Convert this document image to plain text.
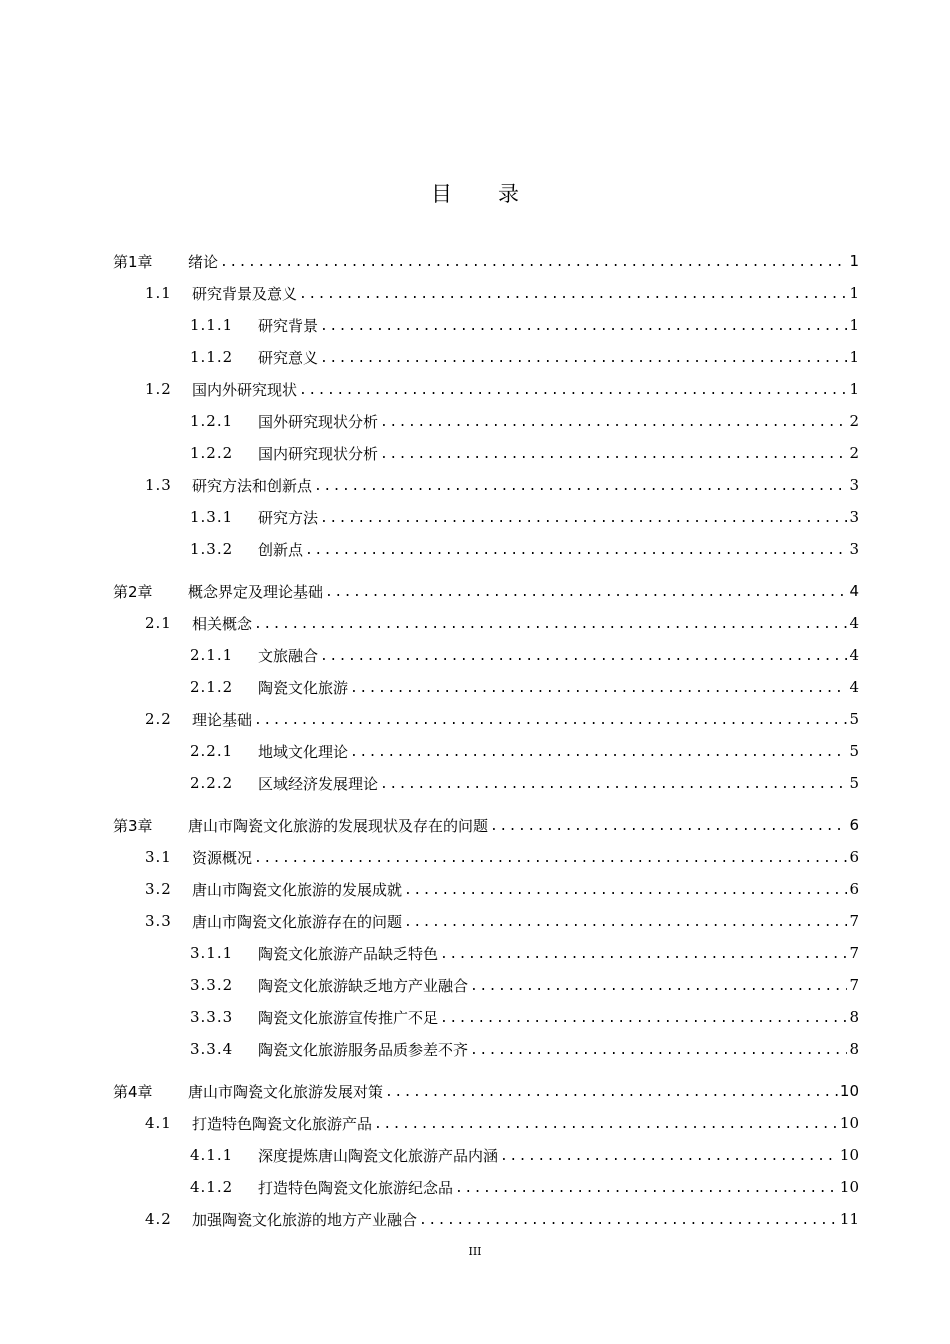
目录
第1章	绪论 .....	1
1.1	研究背景及意义 .....	1
1.1.1	研究背景 .....	1
1.1.2	研究意义 .....	1
1.2	国内外研究现状 .....	1
1.2.1	国外研究现状分析 .....	2
1.2.2	国内研究现状分析 .....	2
1.3	研究方法和创新点 .....	3
1.3.1	研究方法 .....	3
1.3.2	创新点 .....	3
第2章	概念界定及理论基础 .....	4
2.1	相关概念 .....	4
2.1.1	文旅融合 .....	4
2.1.2	陶瓷文化旅游 .....	4
2.2	理论基础 .....	5
2.2.1	地域文化理论 .....	5
2.2.2	区域经济发展理论 .....	5
第3章	唐山市陶瓷文化旅游的发展现状及存在的问题 .....	6
3.1	资源概况 .....	6
3.2	唐山市陶瓷文化旅游的发展成就 .....	6
3.3	唐山市陶瓷文化旅游存在的问题 .....	7
3.1.1	陶瓷文化旅游产品缺乏特色 .....	7
3.3.2	陶瓷文化旅游缺乏地方产业融合 .....	7
3.3.3	陶瓷文化旅游宣传推广不足 .....	8
3.3.4	陶瓷文化旅游服务品质参差不齐 .....	8
第4章	唐山市陶瓷文化旅游发展对策 .....	10
4.1	打造特色陶瓷文化旅游产品 .....	10
4.1.1	深度提炼唐山陶瓷文化旅游产品内涵 .....	10
4.1.2	打造特色陶瓷文化旅游纪念品 .....	10
4.2	加强陶瓷文化旅游的地方产业融合 .....	11
III
